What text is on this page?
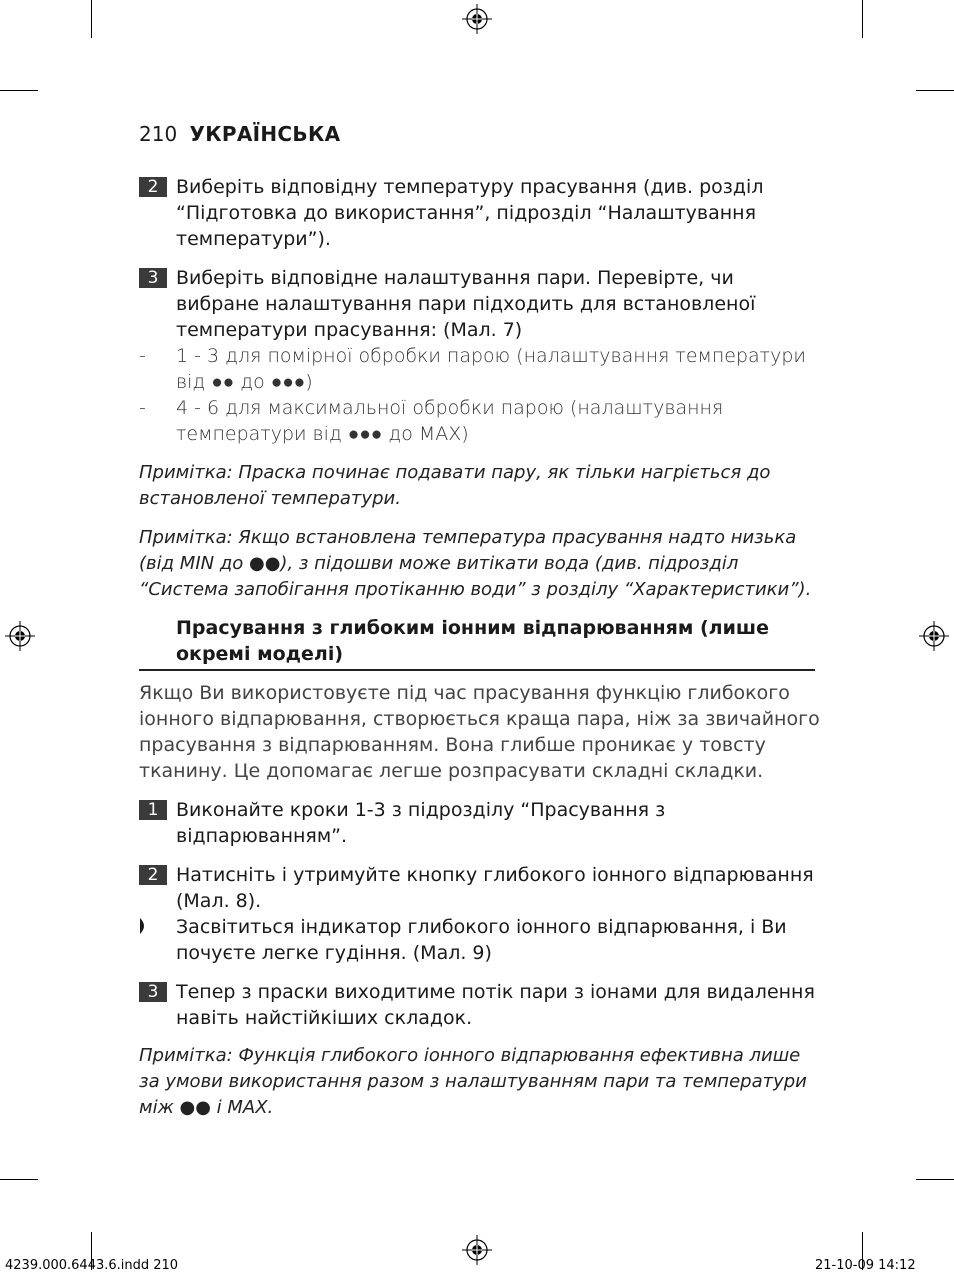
210 УКРАЇНСЬКА
2 Виберіть відповідну температуру прасування (див. розділ “Підготовка до використання”, підрозділ “Налаштування температури”).
3 Виберіть відповідне налаштування пари. Перевірте, чи вибране налаштування пари підходить для встановленої температури прасування: (Мал. 7)
- 1 - 3 для помірної обробки парою (налаштування температури від ●● до ●●●)
- 4 - 6 для максимальної обробки парою (налаштування температури від ●●● до MAX)
Примітка: Праска починає подавати пару, як тільки нагріється до встановленої температури.
Примітка: Якщо встановлена температура прасування надто низька (від MIN до ●●), з підошви може витікати вода (див. підрозділ “Система запобігання протіканню води” з розділу “Характеристики”).
Прасування з глибоким іонним відпарюванням (лише окремі моделі)
Якщо Ви використовуєте під час прасування функцію глибокого іонного відпарювання, створюється краща пара, ніж за звичайного прасування з відпарюванням. Вона глибше проникає у товсту тканину. Це допомагає легше розпрасувати складні складки.
1 Виконайте кроки 1-3 з підрозділу “Прасування з відпарюванням”.
2 Натисніть і утримуйте кнопку глибокого іонного відпарювання (Мал. 8).
Засвітиться індикатор глибокого іонного відпарювання, і Ви почуєте легке гудіння. (Мал. 9)
3 Тепер з праски виходитиме потік пари з іонами для видалення навіть найстійкіших складок.
Примітка: Функція глибокого іонного відпарювання ефективна лише за умови використання разом з налаштуванням пари та температури між ●● і MAX.
4239.000.6443.6.indd 210	21-10-09 14:12
